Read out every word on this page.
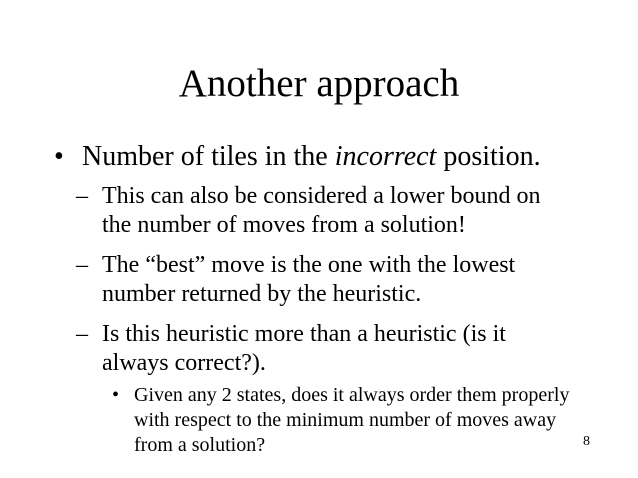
Another approach
• Number of tiles in the incorrect position.
– This can also be considered a lower bound on the number of moves from a solution!
– The “best” move is the one with the lowest number returned by the heuristic.
– Is this heuristic more than a heuristic (is it always correct?).
• Given any 2 states, does it always order them properly with respect to the minimum number of moves away from a solution?	8
